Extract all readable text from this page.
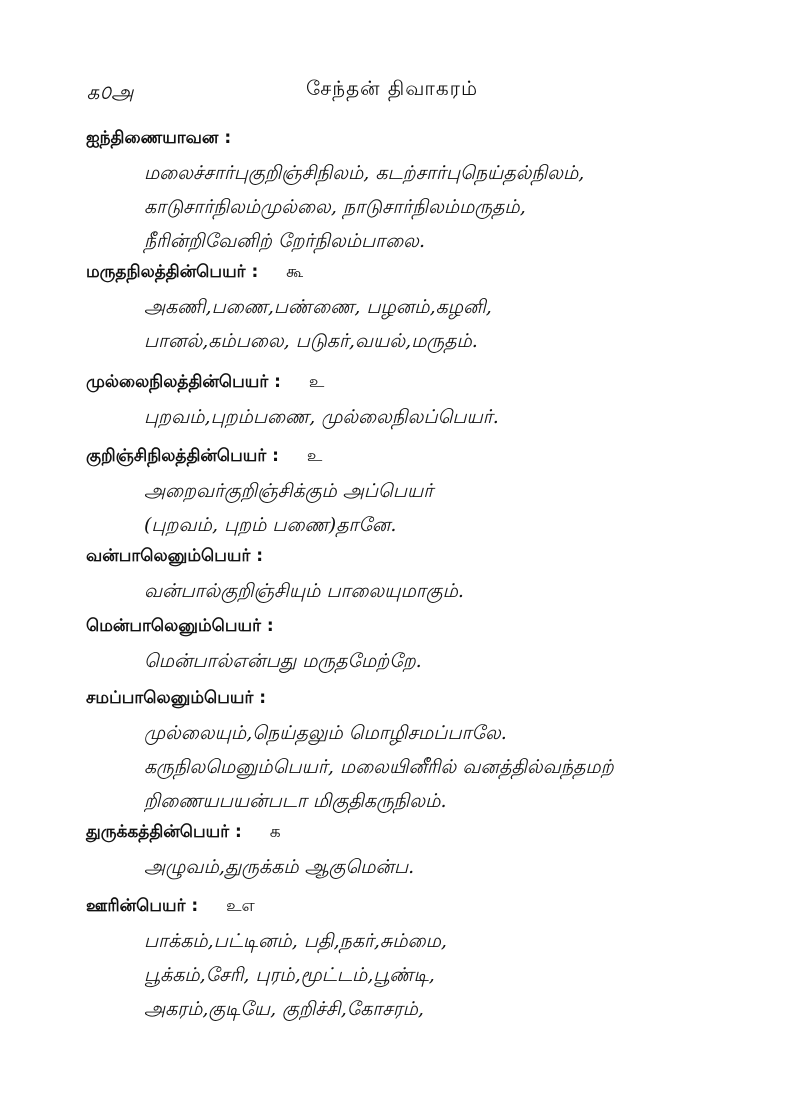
௧௦அ	சேந்தன் திவாகரம்
ஐந்திணையாவன :
மலைச்சார்புகுறிஞ்சிநிலம், கடற்சார்புநெய்தல்நிலம்,
காடுசார்நிலம்முல்லை, நாடுசார்நிலம்மருதம்,
நீரின்றிவேனிற் றேர்நிலம்பாலை.
மருதநிலத்தின்பெயர் : கூ
அகணி,பணை,பண்ணை, பழனம்,கழனி,
பானல்,கம்பலை, படுகர்,வயல்,மருதம்.
முல்லைநிலத்தின்பெயர் : உ
புறவம்,புறம்பணை, முல்லைநிலப்பெயர்.
குறிஞ்சிநிலத்தின்பெயர் : உ
அறைவர்குறிஞ்சிக்கும் அப்பெயர்
(புறவம், புறம் பணை)தானே.
வன்பாலெனும்பெயர் :
வன்பால்குறிஞ்சியும் பாலையுமாகும்.
மென்பாலெனும்பெயர் :
மென்பால்என்பது மருதமேற்றே.
சமப்பாலெனும்பெயர் :
முல்லையும்,நெய்தலும் மொழிசமப்பாலே.
கருநிலமெனும்பெயர், மலையினீரில் வனத்தில்வந்தமற்
றிணையபயன்படா மிகுதிகருநிலம்.
துருக்கத்தின்பெயர் : க
அழுவம்,துருக்கம் ஆகுமென்ப.
ஊரின்பெயர் : உஎ
பாக்கம்,பட்டினம், பதி,நகர்,சும்மை,
பூக்கம்,சேரி, புரம்,மூட்டம்,பூண்டி,
அகரம்,குடியே, குறிச்சி,கோசரம்,
